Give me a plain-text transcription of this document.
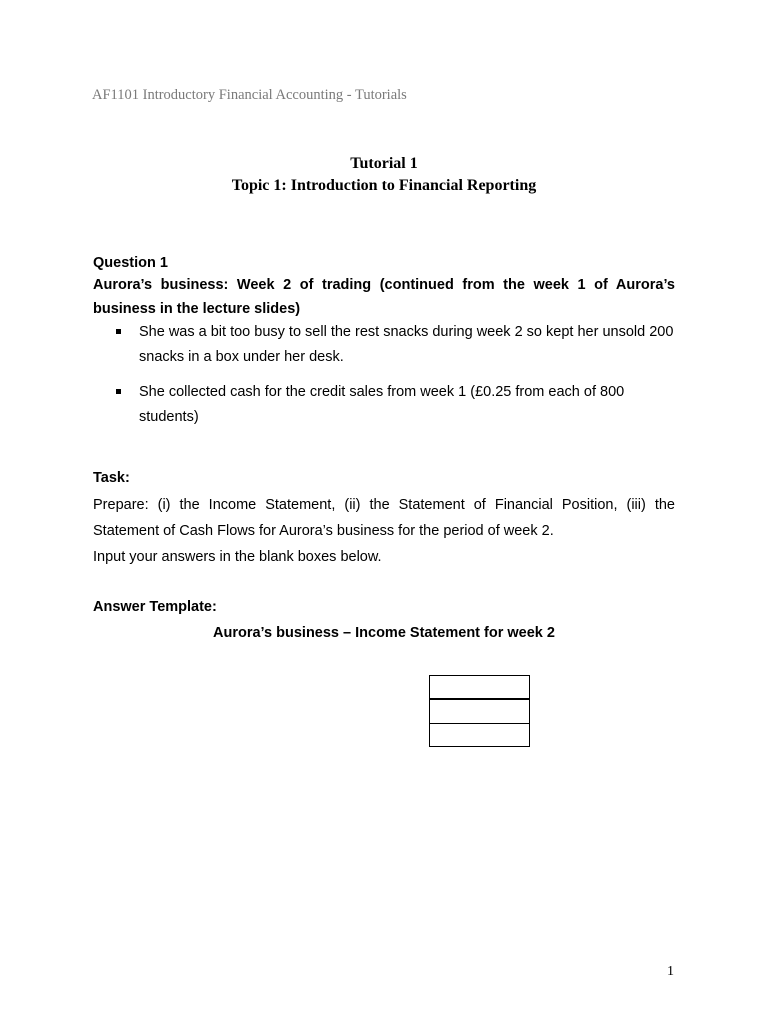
AF1101 Introductory Financial Accounting - Tutorials
Tutorial 1
Topic 1: Introduction to Financial Reporting
Question 1
Aurora’s business: Week 2 of trading (continued from the week 1 of Aurora’s business in the lecture slides)
She was a bit too busy to sell the rest snacks during week 2 so kept her unsold 200 snacks in a box under her desk.
She collected cash for the credit sales from week 1 (£0.25 from each of 800 students)
Task:

Prepare: (i) the Income Statement, (ii) the Statement of Financial Position, (iii) the Statement of Cash Flows for Aurora’s business for the period of week 2.

Input your answers in the blank boxes below.

Answer Template:
Aurora’s business – Income Statement for week 2
1
